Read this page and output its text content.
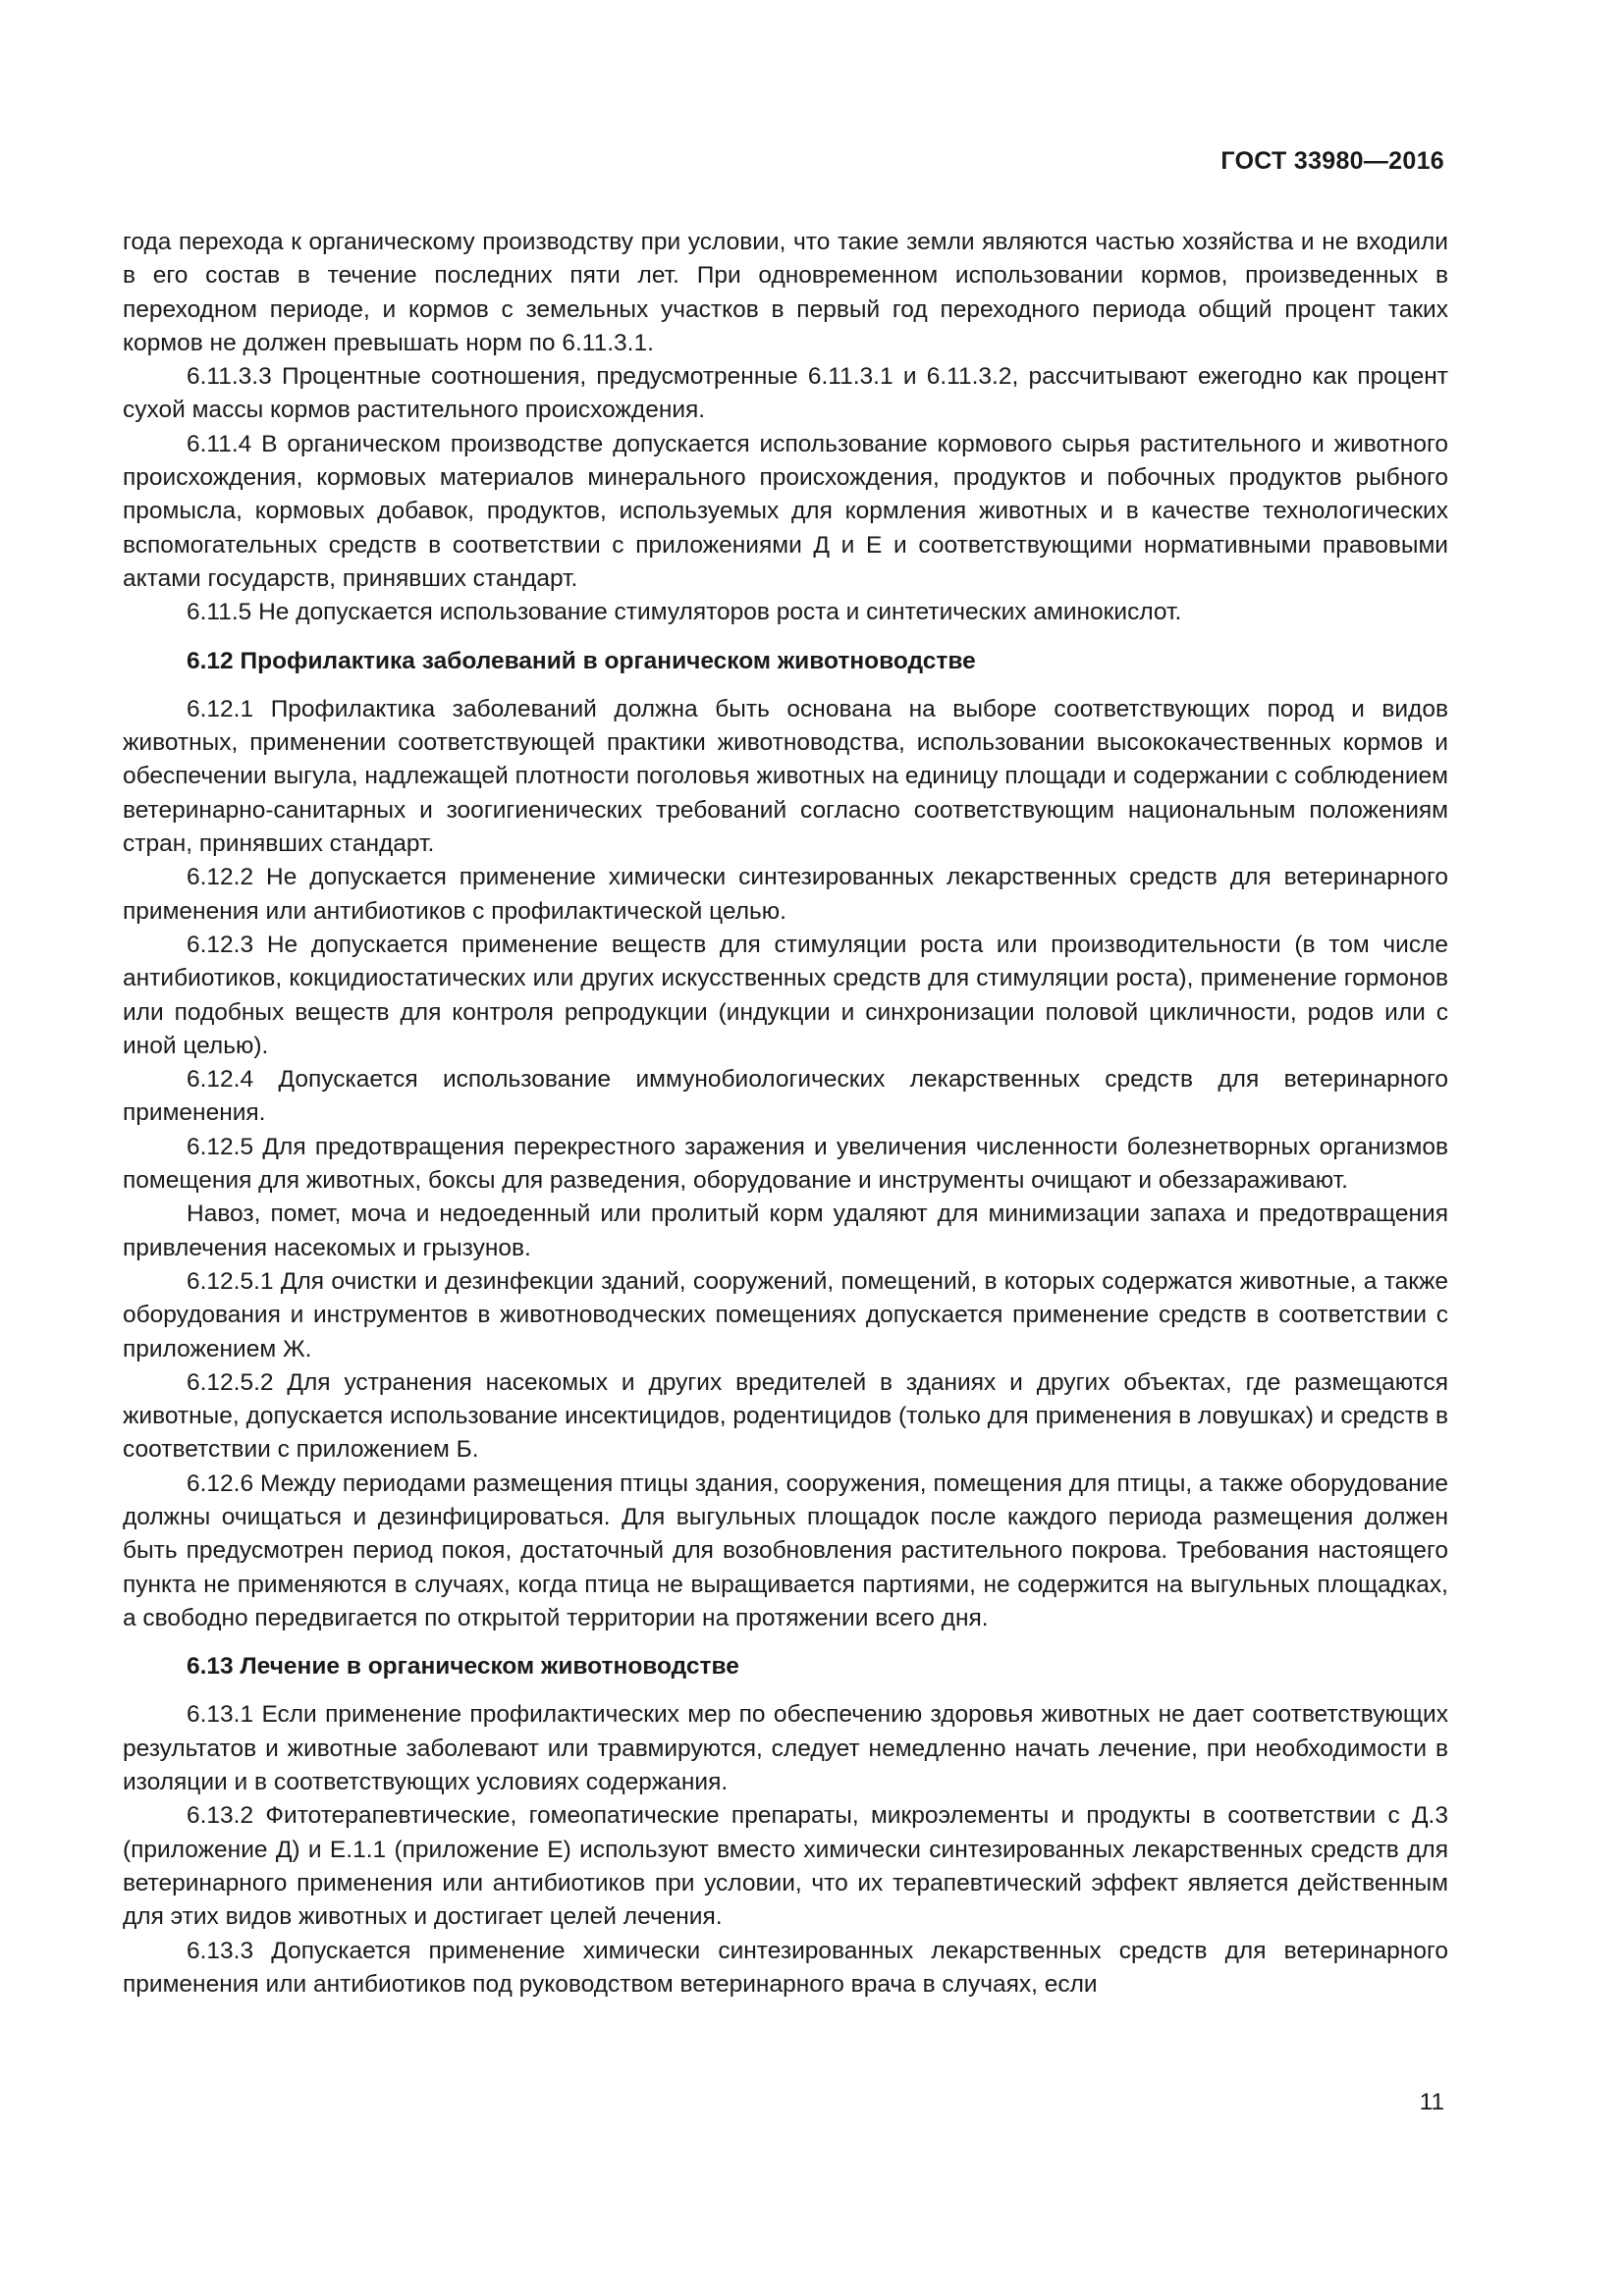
ГОСТ 33980—2016

года перехода к органическому производству при условии, что такие земли являются частью хозяйства и не входили в его состав в течение последних пяти лет. При одновременном использовании кормов, произведенных в переходном периоде, и кормов с земельных участков в первый год переходного периода общий процент таких кормов не должен превышать норм по 6.11.3.1.

6.11.3.3 Процентные соотношения, предусмотренные 6.11.3.1 и 6.11.3.2, рассчитывают ежегодно как процент сухой массы кормов растительного происхождения.

6.11.4 В органическом производстве допускается использование кормового сырья растительного и животного происхождения, кормовых материалов минерального происхождения, продуктов и побочных продуктов рыбного промысла, кормовых добавок, продуктов, используемых для кормления животных и в качестве технологических вспомогательных средств в соответствии с приложениями Д и Е и соответствующими нормативными правовыми актами государств, принявших стандарт.

6.11.5 Не допускается использование стимуляторов роста и синтетических аминокислот.

6.12 Профилактика заболеваний в органическом животноводстве

6.12.1 Профилактика заболеваний должна быть основана на выборе соответствующих пород и видов животных, применении соответствующей практики животноводства, использовании высококачественных кормов и обеспечении выгула, надлежащей плотности поголовья животных на единицу площади и содержании с соблюдением ветеринарно-санитарных и зоогигиенических требований согласно соответствующим национальным положениям стран, принявших стандарт.

6.12.2 Не допускается применение химически синтезированных лекарственных средств для ветеринарного применения или антибиотиков с профилактической целью.

6.12.3 Не допускается применение веществ для стимуляции роста или производительности (в том числе антибиотиков, кокцидиостатических или других искусственных средств для стимуляции роста), применение гормонов или подобных веществ для контроля репродукции (индукции и синхронизации половой цикличности, родов или с иной целью).

6.12.4 Допускается использование иммунобиологических лекарственных средств для ветеринарного применения.

6.12.5 Для предотвращения перекрестного заражения и увеличения численности болезнетворных организмов помещения для животных, боксы для разведения, оборудование и инструменты очищают и обеззараживают.

Навоз, помет, моча и недоеденный или пролитый корм удаляют для минимизации запаха и предотвращения привлечения насекомых и грызунов.

6.12.5.1 Для очистки и дезинфекции зданий, сооружений, помещений, в которых содержатся животные, а также оборудования и инструментов в животноводческих помещениях допускается применение средств в соответствии с приложением Ж.

6.12.5.2 Для устранения насекомых и других вредителей в зданиях и других объектах, где размещаются животные, допускается использование инсектицидов, родентицидов (только для применения в ловушках) и средств в соответствии с приложением Б.

6.12.6 Между периодами размещения птицы здания, сооружения, помещения для птицы, а также оборудование должны очищаться и дезинфицироваться. Для выгульных площадок после каждого периода размещения должен быть предусмотрен период покоя, достаточный для возобновления растительного покрова. Требования настоящего пункта не применяются в случаях, когда птица не выращивается партиями, не содержится на выгульных площадках, а свободно передвигается по открытой территории на протяжении всего дня.

6.13 Лечение в органическом животноводстве

6.13.1 Если применение профилактических мер по обеспечению здоровья животных не дает соответствующих результатов и животные заболевают или травмируются, следует немедленно начать лечение, при необходимости в изоляции и в соответствующих условиях содержания.

6.13.2 Фитотерапевтические, гомеопатические препараты, микроэлементы и продукты в соответствии с Д.3 (приложение Д) и Е.1.1 (приложение Е) используют вместо химически синтезированных лекарственных средств для ветеринарного применения или антибиотиков при условии, что их терапевтический эффект является действенным для этих видов животных и достигает целей лечения.

6.13.3 Допускается применение химически синтезированных лекарственных средств для ветеринарного применения или антибиотиков под руководством ветеринарного врача в случаях, если

11
